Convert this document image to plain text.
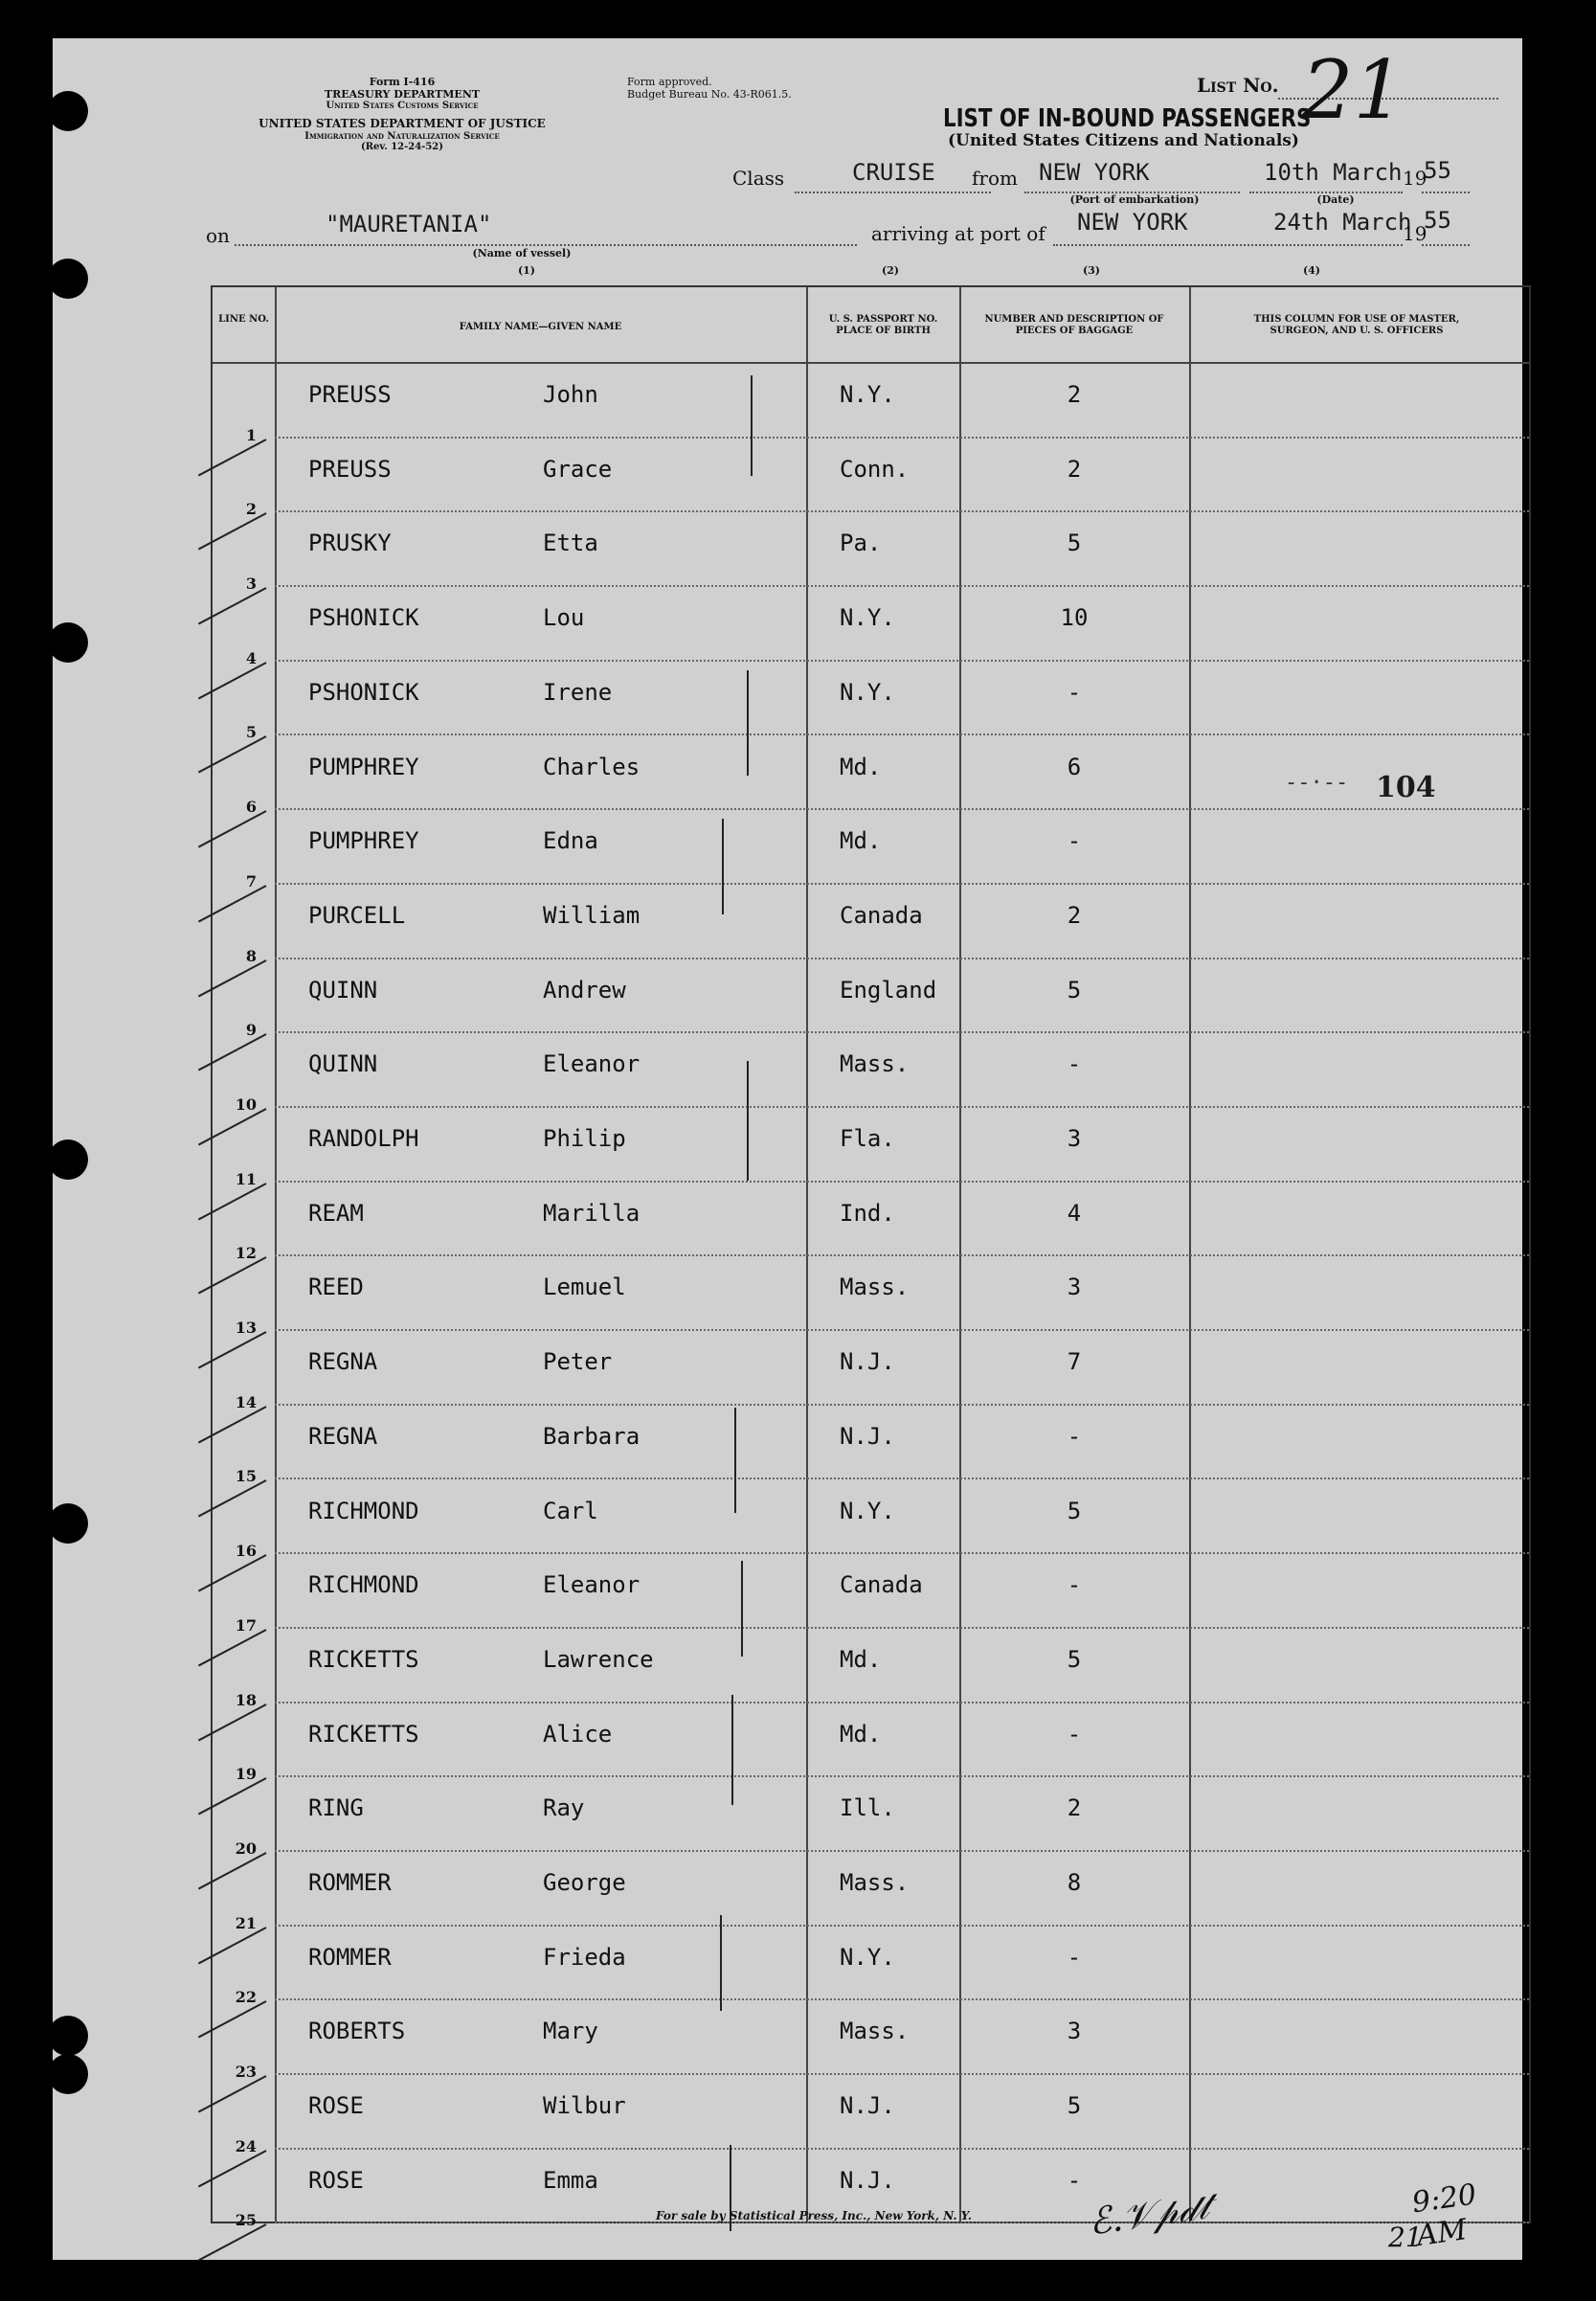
Form I-416
TREASURY DEPARTMENT
United States Customs Service
UNITED STATES DEPARTMENT OF JUSTICE
Immigration and Naturalization Service
(Rev. 12-24-52)
Form approved.
Budget Bureau No. 43-R061.5.	List No. 21
LIST OF IN-BOUND PASSENGERS
(United States Citizens and Nationals)
Class	CRUISE from NEW YORK
(Port of embarkation)
10th March
(Date)
19
55
on	"MAURETANIA"
(Name of vessel)
arriving at port of NEW YORK	24th March
19
55
(1)	(2)	(3)	(4)
LINE NO.
FAMILY NAME—GIVEN NAME
U. S. PASSPORT NO. PLACE OF BIRTH
NUMBER AND DESCRIPTION OF PIECES OF BAGGAGE
THIS COLUMN FOR USE OF MASTER, SURGEON, AND U. S. OFFICERS
1
PREUSS	John	N.Y.	2
2
PREUSS	Grace	Conn.	2
3
PRUSKY	Etta	Pa.	5
4
PSHONICK	Lou	N.Y.	10
5
PSHONICK	Irene	N.Y.	-
6
PUMPHREY	Charles	Md.	6
7
PUMPHREY	Edna	Md.	-
8
PURCELL	William	Canada	2
9
QUINN	Andrew	England	5
10
QUINN	Eleanor	Mass.	-
11
RANDOLPH	Philip	Fla.	3
12
REAM	Marilla	Ind.	4
13
REED	Lemuel	Mass.	3
14
REGNA	Peter	N.J.	7
15
REGNA	Barbara	N.J.	-
16
RICHMOND	Carl	N.Y.	5
17
RICHMOND	Eleanor	Canada	-
18
RICKETTS	Lawrence	Md.	5
19
RICKETTS	Alice	Md.	-
20
RING	Ray	Ill.	2
21
ROMMER	George	Mass.	8
22
ROMMER	Frieda	N.Y.	-
23
ROBERTS	Mary	Mass.	3
24
ROSE	Wilbur	N.J.	5
25
ROSE	Emma	N.J.	-
104
‐‐·‐‐
ℰ.𝒱𝓅𝒹𝓉	9:20 AM
For sale by Statistical Press, Inc., New York, N. Y.
21
